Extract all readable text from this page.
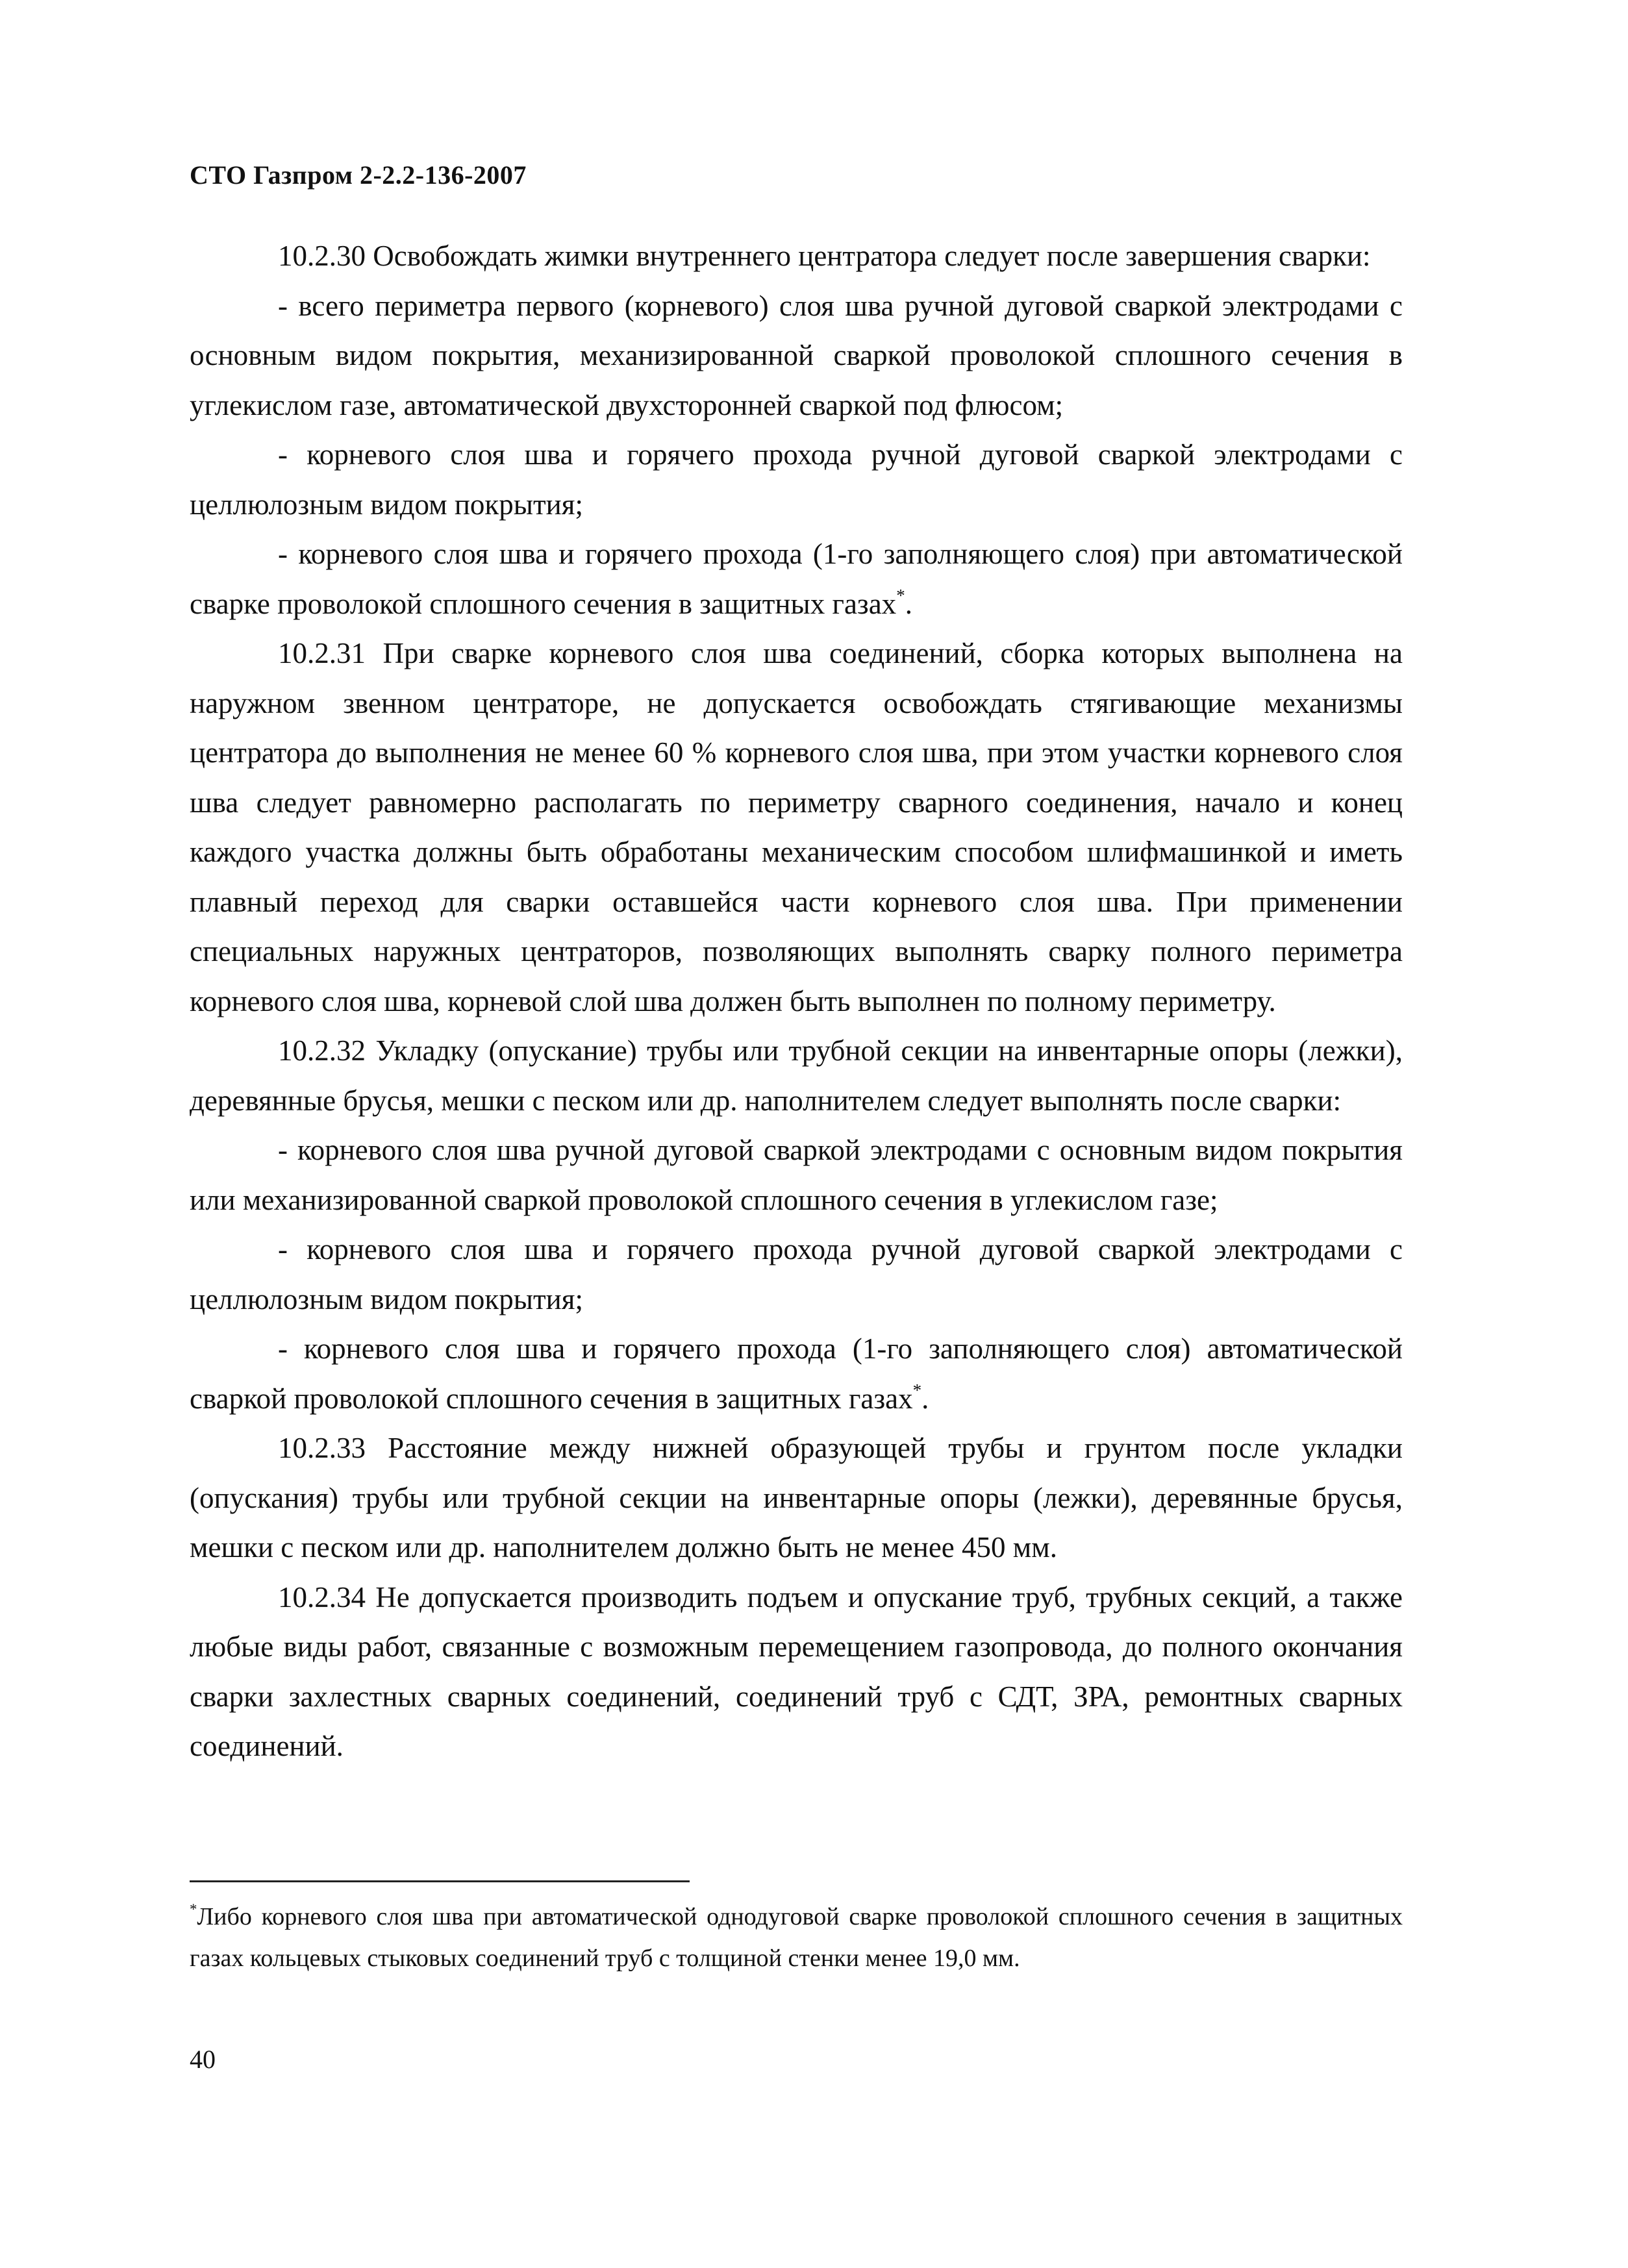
СТО Газпром 2-2.2-136-2007

10.2.30 Освобождать жимки внутреннего центратора следует после завершения сварки:

- всего периметра первого (корневого) слоя шва ручной дуговой сваркой электродами с основным видом покрытия, механизированной сваркой проволокой сплошного сечения в углекислом газе, автоматической двухсторонней сваркой под флюсом;

- корневого слоя шва и горячего прохода ручной дуговой сваркой электродами с целлюлозным видом покрытия;

- корневого слоя шва и горячего прохода (1-го заполняющего слоя) при автоматической сварке проволокой сплошного сечения в защитных газах*.

10.2.31 При сварке корневого слоя шва соединений, сборка которых выполнена на наружном звенном центраторе, не допускается освобождать стягивающие механизмы центратора до выполнения не менее 60 % корневого слоя шва, при этом участки корневого слоя шва следует равномерно располагать по периметру сварного соединения, начало и конец каждого участка должны быть обработаны механическим способом шлифмашинкой и иметь плавный переход для сварки оставшейся части корневого слоя шва. При применении специальных наружных центраторов, позволяющих выполнять сварку полного периметра корневого слоя шва, корневой слой шва должен быть выполнен по полному периметру.

10.2.32 Укладку (опускание) трубы или трубной секции на инвентарные опоры (лежки), деревянные брусья, мешки с песком или др. наполнителем следует выполнять после сварки:

- корневого слоя шва ручной дуговой сваркой электродами с основным видом покрытия или механизированной сваркой проволокой сплошного сечения в углекислом газе;

- корневого слоя шва и горячего прохода ручной дуговой сваркой электродами с целлюлозным видом покрытия;

- корневого слоя шва и горячего прохода (1-го заполняющего слоя) автоматической сваркой проволокой сплошного сечения в защитных газах*.

10.2.33 Расстояние между нижней образующей трубы и грунтом после укладки (опускания) трубы или трубной секции на инвентарные опоры (лежки), деревянные брусья, мешки с песком или др. наполнителем должно быть не менее 450 мм.

10.2.34 Не допускается производить подъем и опускание труб, трубных секций, а также любые виды работ, связанные с возможным перемещением газопровода, до полного окончания сварки захлестных сварных соединений, соединений труб с СДТ, ЗРА, ремонтных сварных соединений.

*Либо корневого слоя шва при автоматической однодуговой сварке проволокой сплошного сечения в защитных газах кольцевых стыковых соединений труб с толщиной стенки менее 19,0 мм.

40
